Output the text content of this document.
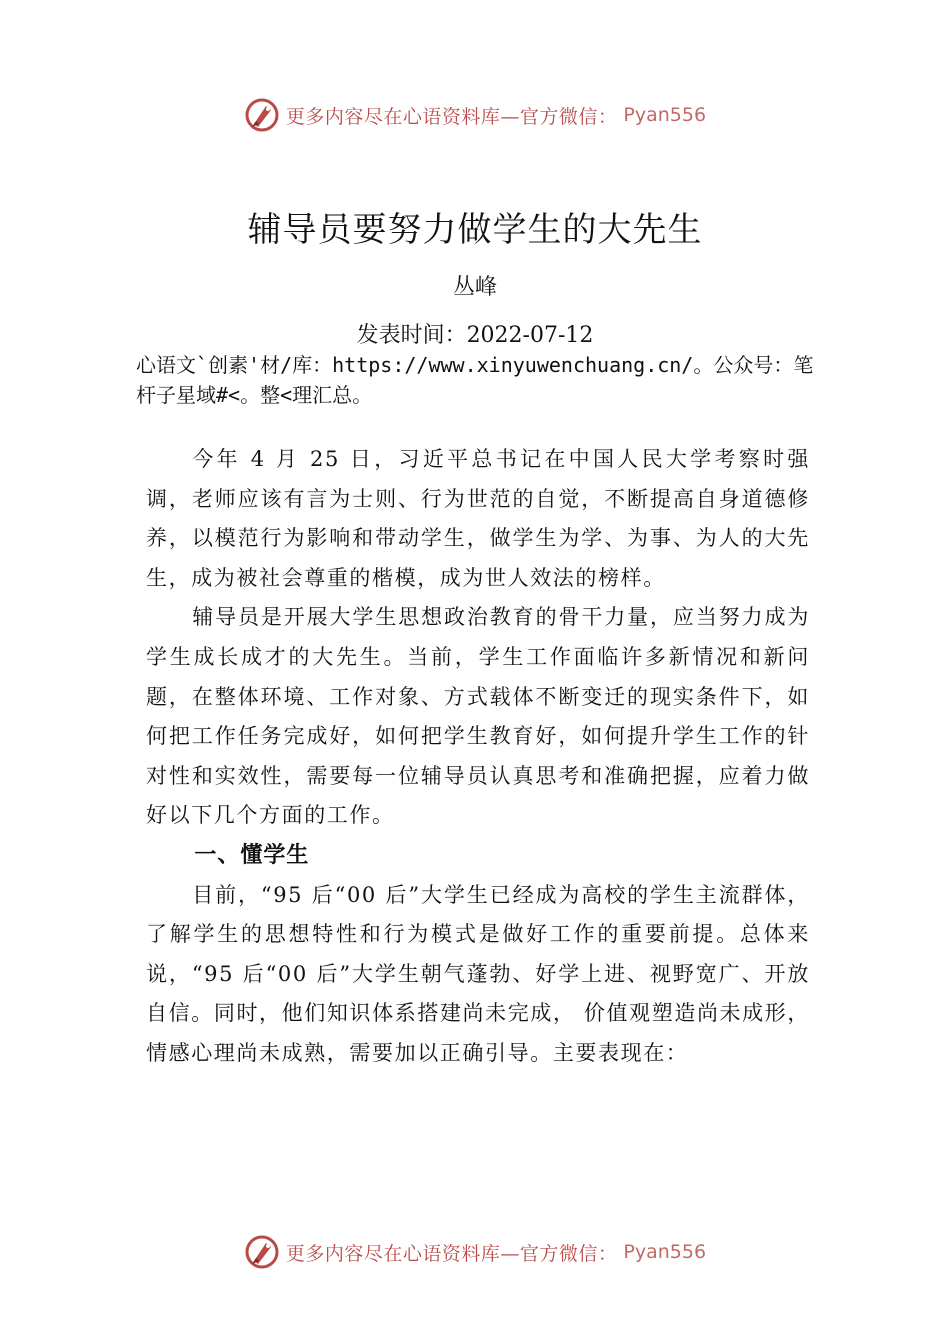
更多内容尽在心语资料库—官方微信： Pyan556
辅导员要努力做学生的大先生
丛峰
发表时间：2022-07-12
心语文`创素'材/库：https://www.xinyuwenchuang.cn/。公众号：笔杆子星域#<。整<理汇总。

今年 4 月 25 日，习近平总书记在中国人民大学考察时强调，老师应该有言为士则、行为世范的自觉，不断提高自身道德修养，以模范行为影响和带动学生，做学生为学、为事、为人的大先生，成为被社会尊重的楷模，成为世人效法的榜样。

辅导员是开展大学生思想政治教育的骨干力量，应当努力成为学生成长成才的大先生。当前，学生工作面临许多新情况和新问题，在整体环境、工作对象、方式载体不断变迁的现实条件下，如何把工作任务完成好，如何把学生教育好，如何提升学生工作的针对性和实效性，需要每一位辅导员认真思考和准确把握，应着力做好以下几个方面的工作。

一、懂学生

目前，“95 后“00 后”大学生已经成为高校的学生主流群体，了解学生的思想特性和行为模式是做好工作的重要前提。总体来说，“95 后“00 后”大学生朝气蓬勃、好学上进、视野宽广、开放自信。同时，他们知识体系搭建尚未完成， 价值观塑造尚未成形，情感心理尚未成熟，需要加以正确引导。主要表现在：

更多内容尽在心语资料库—官方微信： Pyan556
